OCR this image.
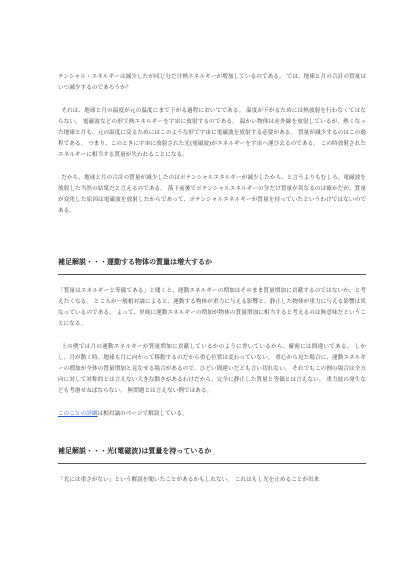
テンシャル・エネルギーは減少したが同じ分だけ熱エネルギーが増加しているのである。 では、地球と月の合計の質量はいつ減少するのであろうか？

それは、地球と月の温度が元の温度にまで下がる過程においてである。 温度が下がるためには熱放射を行わなくてはならない。 電磁波などの形で熱エネルギーを宇宙に放射するのである。 温かい物体は赤外線を放射しているが、熱くなった地球と月も、元の温度に戻るためにはこのような形で宇宙に電磁波を放射する必要がある。 質量が減少するのはこの過程である。 つまり、このときに宇宙に放射された光(電磁波)がエネルギーを宇宙へ運び去るのである。 この時放射されたエネルギーに相当する質量が失われることになる。

だから、地球と月の合計の質量が減少したのはポテンシャルエネルギーが減少したから、と言うよりもむしろ、電磁波を放射した当然の結果だと言えるのである。 落下前後でポテンシャルエネルギーの分だけ質量が異なるのは確かだが、質量が変化した原因は電磁波を放射したからであって、ポテンシャルエネルギーが質量を持っていたというわけではないのである。

補足解説・・・運動する物体の質量は増大するか

「質量はエネルギーと等価である」と聞くと、運動エネルギーの増加はそのまま質量増加に貢献するのではないか、と考えたくなる。 ところが一般相対論によると、運動する物体が重力に与える影響と、静止した物体が重力に与える影響は異なっているのである。 よって、単純に運動エネルギーの増加が物体の質量増加に相当すると考えるのは無意味だということになる。

上の例では月の運動エネルギーが質量増加に貢献しているかのように書いているから、厳密には間違いである。 しかし、月が動く時、地球も月に向かって移動するのだから重心位置は変わっていない。 重心から見た場合に、運動エネルギーの増加が全体の質量増加と見なせる場合があるので、ひどい間違いだとも言い切れない。 それでもこの例の場合は全方向に対して対称的とは言えない大きな動きがあるわけだから、完全に静止した質量と等価とは言えない。 重力波の発生なども考慮せねばならない。 無問題とは言えない例ではある。

このことの詳細は相対論のページで解説している。

補足解説・・・光(電磁波)は質量を持っているか

「光には重さがない」という解説を聞いたことがあるかもしれない。 これはもし光を止めることが出来
